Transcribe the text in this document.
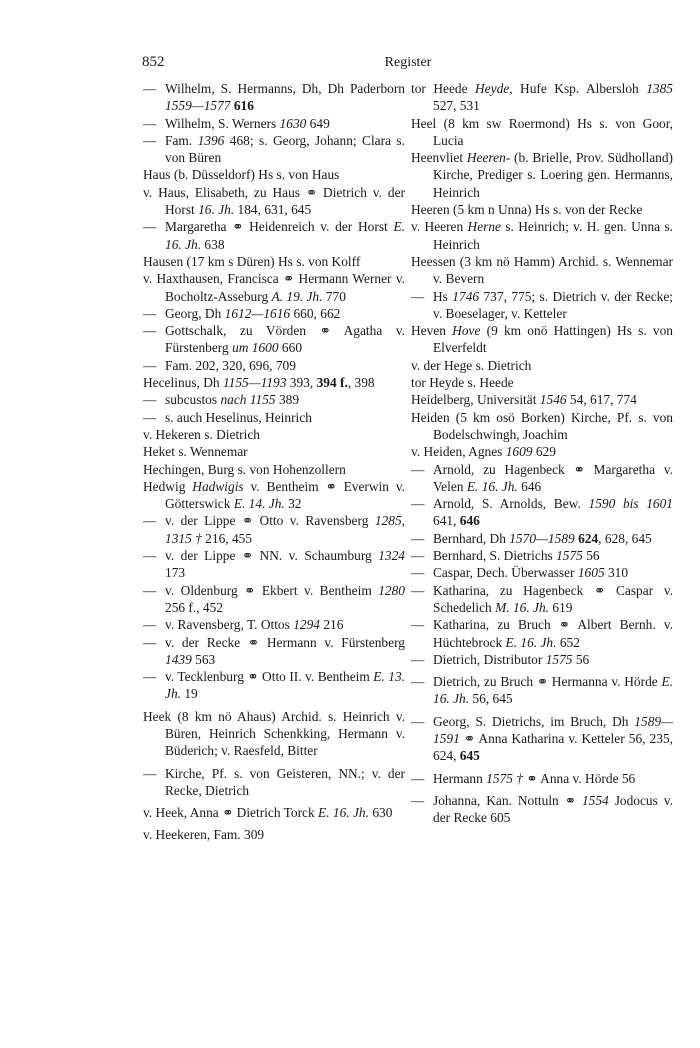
852	Register

— Wilhelm, S. Hermanns, Dh, Dh Paderborn 1559—1577 616

— Wilhelm, S. Werners 1630 649

— Fam. 1396 468; s. Georg, Johann; Clara s. von Büren

Haus (b. Düsseldorf) Hs s. von Haus

v. Haus, Elisabeth, zu Haus ⚭ Dietrich v. der Horst 16. Jh. 184, 631, 645

— Margaretha ⚭ Heidenreich v. der Horst E. 16. Jh. 638

Hausen (17 km s Düren) Hs s. von Kolff

v. Haxthausen, Francisca ⚭ Hermann Werner v. Bocholtz-Asseburg A. 19. Jh. 770

— Georg, Dh 1612—1616 660, 662

— Gottschalk, zu Vörden ⚭ Agatha v. Fürstenberg um 1600 660

— Fam. 202, 320, 696, 709

Hecelinus, Dh 1155—1193 393, 394 f., 398

— subcustos nach 1155 389

— s. auch Heselinus, Heinrich

v. Hekeren s. Dietrich

Heket s. Wennemar

Hechingen, Burg s. von Hohenzollern

Hedwig Hadwigis v. Bentheim ⚭ Everwin v. Götterswick E. 14. Jh. 32

— v. der Lippe ⚭ Otto v. Ravensberg 1285, 1315 † 216, 455

— v. der Lippe ⚭ NN. v. Schaumburg 1324 173

— v. Oldenburg ⚭ Ekbert v. Bentheim 1280 256 f., 452

— v. Ravensberg, T. Ottos 1294 216

— v. der Recke ⚭ Hermann v. Fürstenberg 1439 563

— v. Tecklenburg ⚭ Otto II. v. Bentheim E. 13. Jh. 19

Heek (8 km nö Ahaus) Archid. s. Heinrich v. Büren, Heinrich Schenkking, Hermann v. Büderich; v. Raesfeld, Bitter

— Kirche, Pf. s. von Geisteren, NN.; v. der Recke, Dietrich

v. Heek, Anna ⚭ Dietrich Torck E. 16. Jh. 630

v. Heekeren, Fam. 309

tor Heede Heyde, Hufe Ksp. Albersloh 1385 527, 531

Heel (8 km sw Roermond) Hs s. von Goor, Lucia

Heenvliet Heeren- (b. Brielle, Prov. Südholland) Kirche, Prediger s. Loering gen. Hermanns, Heinrich

Heeren (5 km n Unna) Hs s. von der Recke

v. Heeren Herne s. Heinrich; v. H. gen. Unna s. Heinrich

Heessen (3 km nö Hamm) Archid. s. Wennemar v. Bevern

— Hs 1746 737, 775; s. Dietrich v. der Recke; v. Boeselager, v. Ketteler

Heven Hove (9 km onö Hattingen) Hs s. von Elverfeldt

v. der Hege s. Dietrich

tor Heyde s. Heede

Heidelberg, Universität 1546 54, 617, 774

Heiden (5 km osö Borken) Kirche, Pf. s. von Bodelschwingh, Joachim

v. Heiden, Agnes 1609 629

— Arnold, zu Hagenbeck ⚭ Margaretha v. Velen E. 16. Jh. 646

— Arnold, S. Arnolds, Bew. 1590 bis 1601 641, 646

— Bernhard, Dh 1570—1589 624, 628, 645

— Bernhard, S. Dietrichs 1575 56

— Caspar, Dech. Überwasser 1605 310

— Katharina, zu Hagenbeck ⚭ Caspar v. Schedelich M. 16. Jh. 619

— Katharina, zu Bruch ⚭ Albert Bernh. v. Hüchtebrock E. 16. Jh. 652

— Dietrich, Distributor 1575 56

— Dietrich, zu Bruch ⚭ Hermanna v. Hörde E. 16. Jh. 56, 645

— Georg, S. Dietrichs, im Bruch, Dh 1589—1591 ⚭ Anna Katharina v. Ketteler 56, 235, 624, 645

— Hermann 1575 † ⚭ Anna v. Hörde 56

— Johanna, Kan. Nottuln ⚭ 1554 Jodocus v. der Recke 605
